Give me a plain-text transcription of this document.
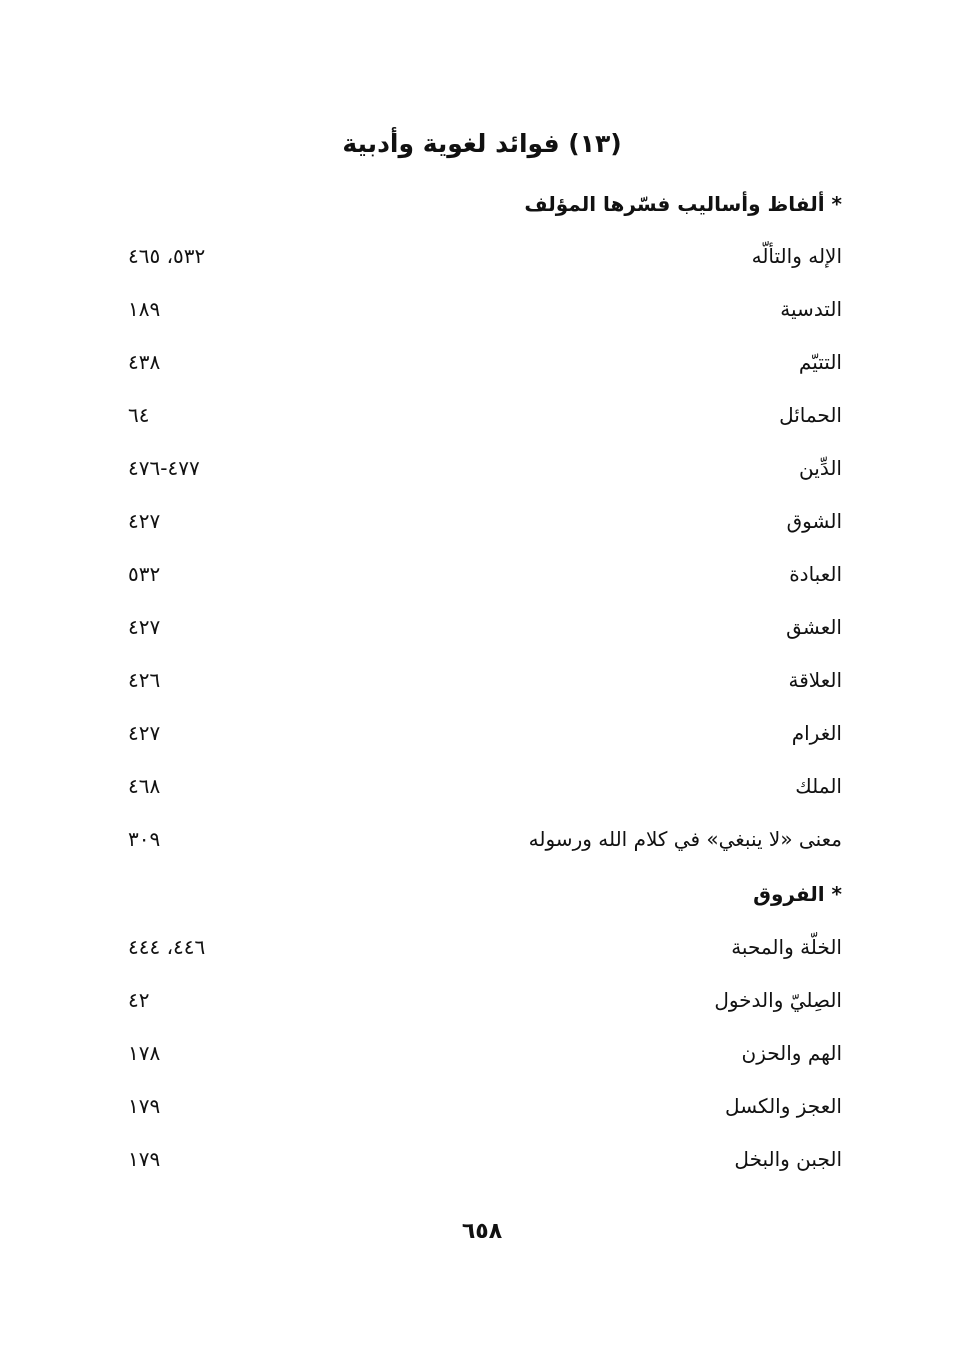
(١٣) فوائد لغوية وأدبية
* ألفاظ وأساليب فسّرها المؤلف
الإله والتألّه
٥٣٢، ٤٦٥
التدسية
١٨٩
التتيّم
٤٣٨
الحمائل
٦٤
الدِّين
٤٧٧-٤٧٦
الشوق
٤٢٧
العبادة
٥٣٢
العشق
٤٢٧
العلاقة
٤٢٦
الغرام
٤٢٧
الملك
٤٦٨
معنى «لا ينبغي» في كلام الله ورسوله
٣٠٩
* الفروق
الخلّة والمحبة
٤٤٦، ٤٤٤
الصِليّ والدخول
٤٢
الهم والحزن
١٧٨
العجز والكسل
١٧٩
الجبن والبخل
١٧٩
٦٥٨
